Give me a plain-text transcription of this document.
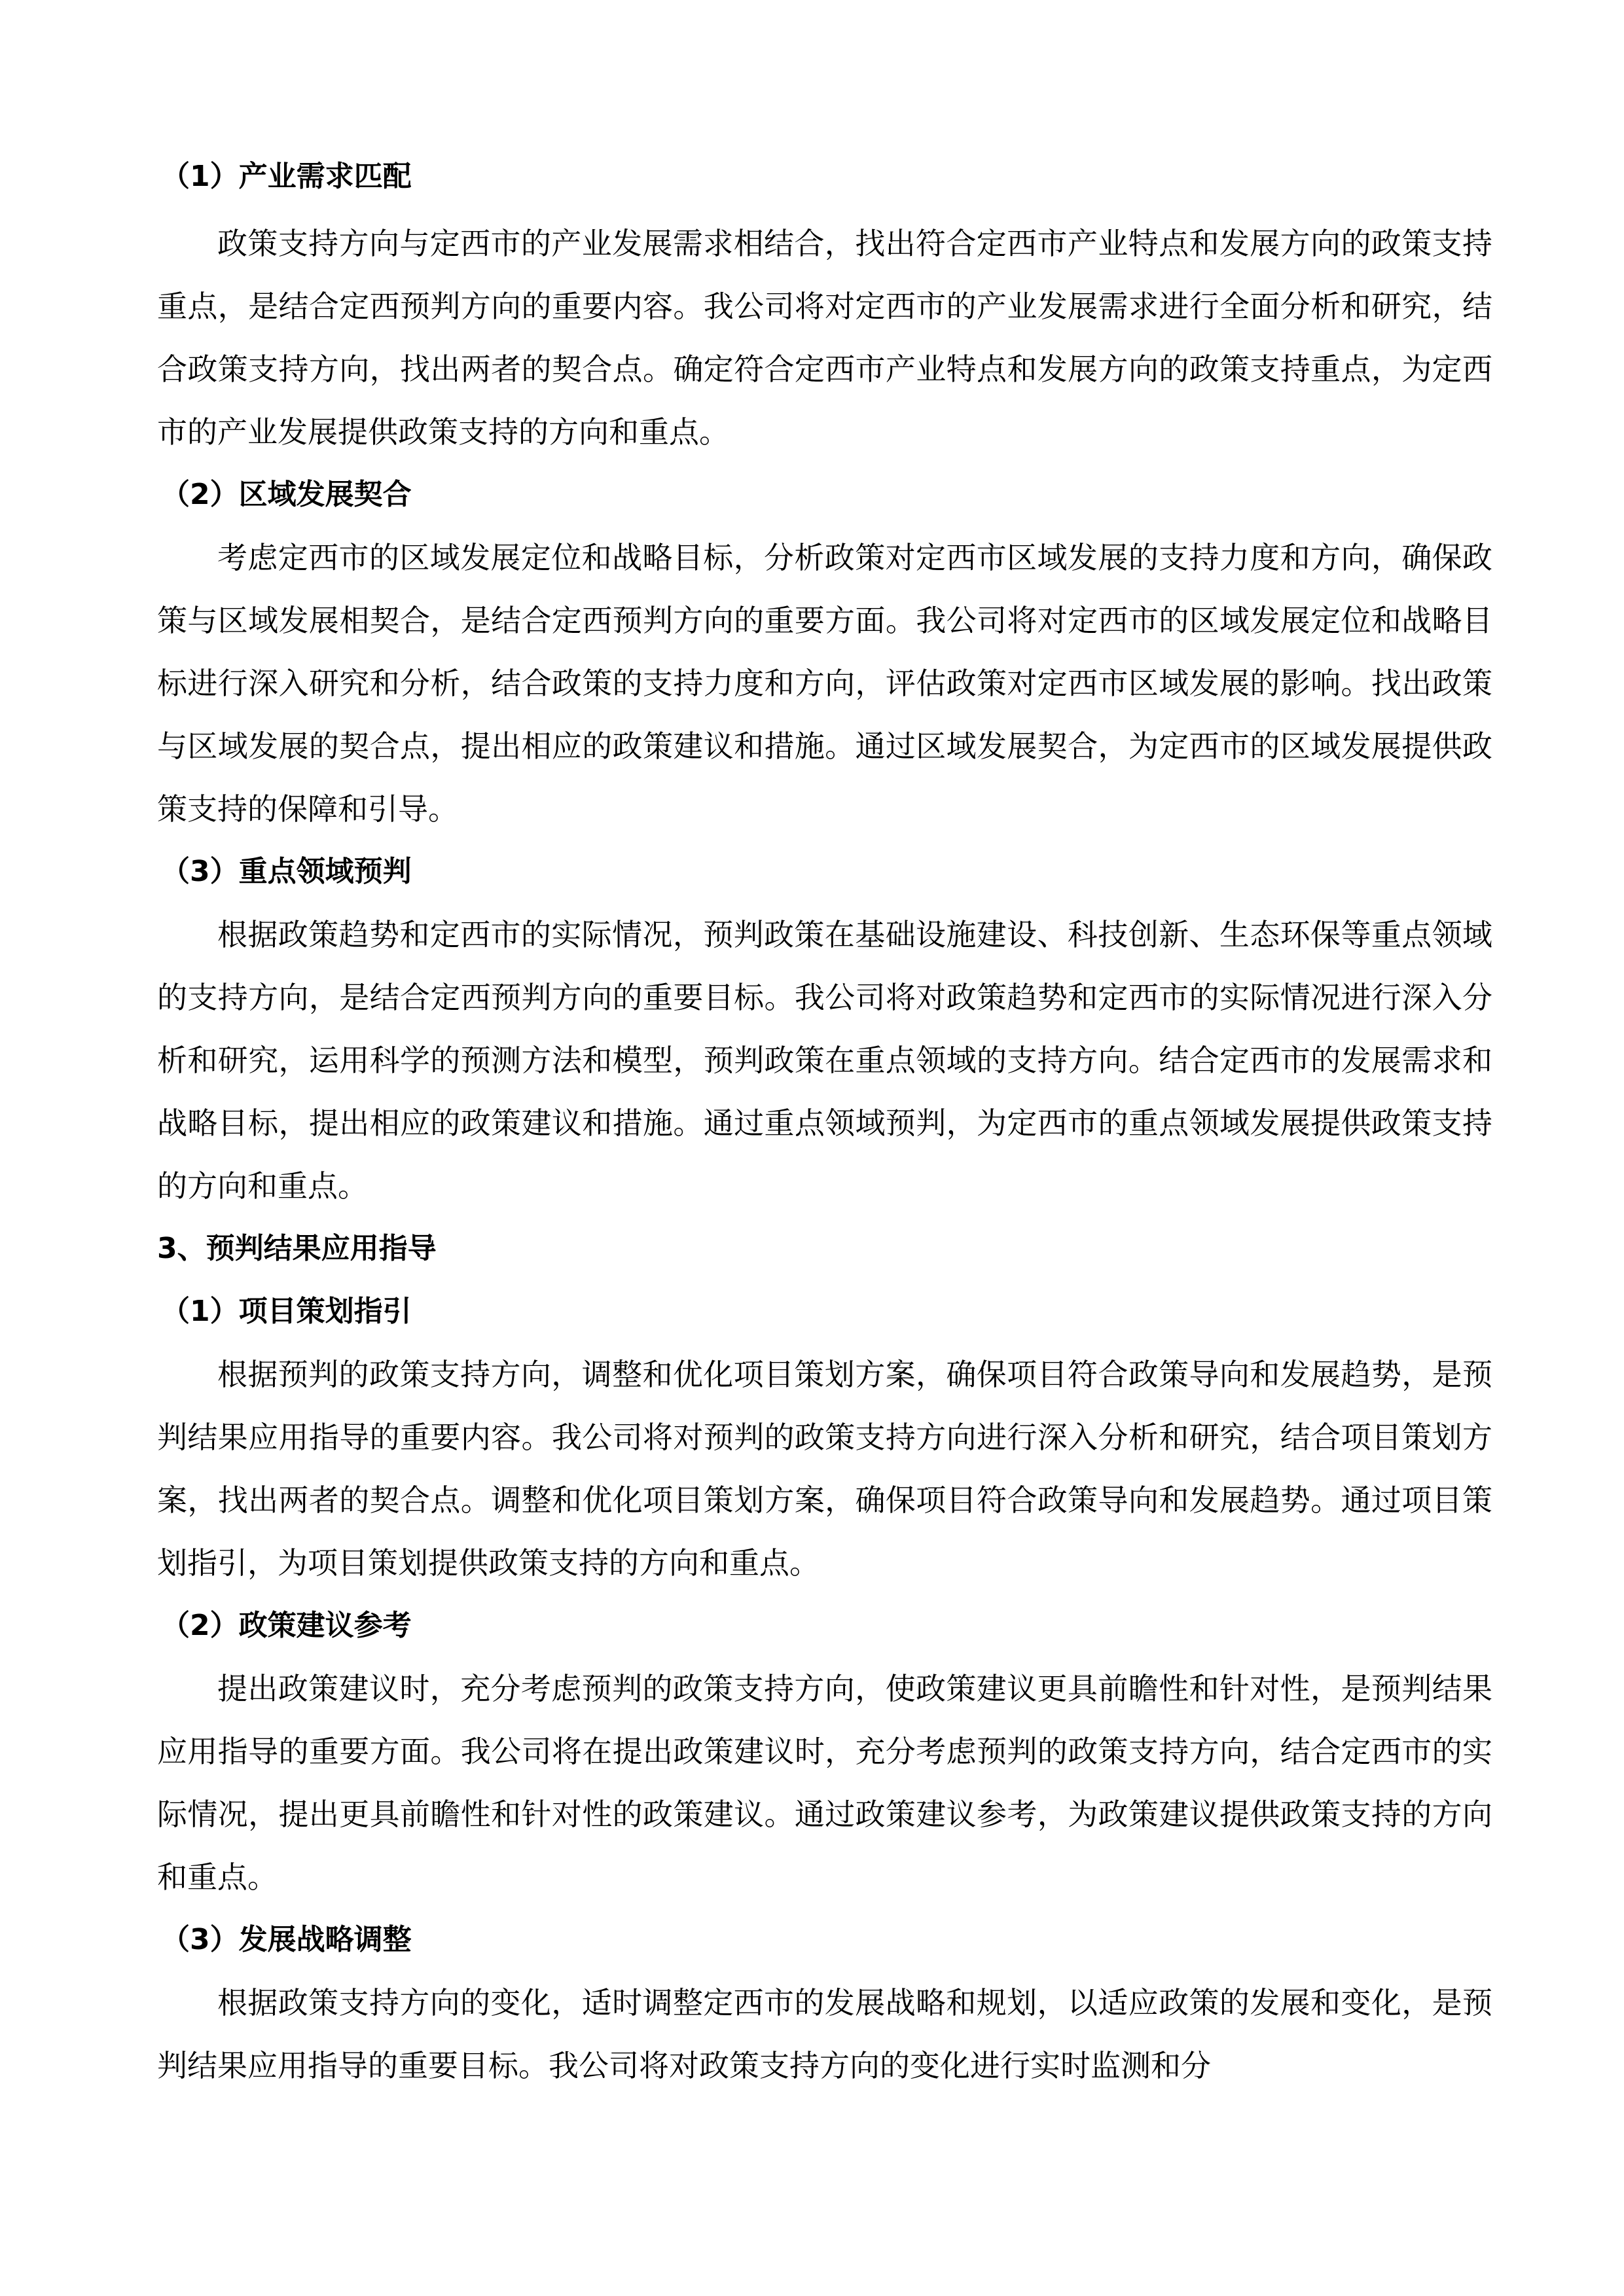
（1）产业需求匹配

政策支持方向与定西市的产业发展需求相结合，找出符合定西市产业特点和发展方向的政策支持重点，是结合定西预判方向的重要内容。我公司将对定西市的产业发展需求进行全面分析和研究，结合政策支持方向，找出两者的契合点。确定符合定西市产业特点和发展方向的政策支持重点，为定西市的产业发展提供政策支持的方向和重点。

（2）区域发展契合

考虑定西市的区域发展定位和战略目标，分析政策对定西市区域发展的支持力度和方向，确保政策与区域发展相契合，是结合定西预判方向的重要方面。我公司将对定西市的区域发展定位和战略目标进行深入研究和分析，结合政策的支持力度和方向，评估政策对定西市区域发展的影响。找出政策与区域发展的契合点，提出相应的政策建议和措施。通过区域发展契合，为定西市的区域发展提供政策支持的保障和引导。

（3）重点领域预判

根据政策趋势和定西市的实际情况，预判政策在基础设施建设、科技创新、生态环保等重点领域的支持方向，是结合定西预判方向的重要目标。我公司将对政策趋势和定西市的实际情况进行深入分析和研究，运用科学的预测方法和模型，预判政策在重点领域的支持方向。结合定西市的发展需求和战略目标，提出相应的政策建议和措施。通过重点领域预判，为定西市的重点领域发展提供政策支持的方向和重点。

3、预判结果应用指导
（1）项目策划指引

根据预判的政策支持方向，调整和优化项目策划方案，确保项目符合政策导向和发展趋势，是预判结果应用指导的重要内容。我公司将对预判的政策支持方向进行深入分析和研究，结合项目策划方案，找出两者的契合点。调整和优化项目策划方案，确保项目符合政策导向和发展趋势。通过项目策划指引，为项目策划提供政策支持的方向和重点。

（2）政策建议参考

提出政策建议时，充分考虑预判的政策支持方向，使政策建议更具前瞻性和针对性，是预判结果应用指导的重要方面。我公司将在提出政策建议时，充分考虑预判的政策支持方向，结合定西市的实际情况，提出更具前瞻性和针对性的政策建议。通过政策建议参考，为政策建议提供政策支持的方向和重点。

（3）发展战略调整

根据政策支持方向的变化，适时调整定西市的发展战略和规划，以适应政策的发展和变化，是预判结果应用指导的重要目标。我公司将对政策支持方向的变化进行实时监测和分
